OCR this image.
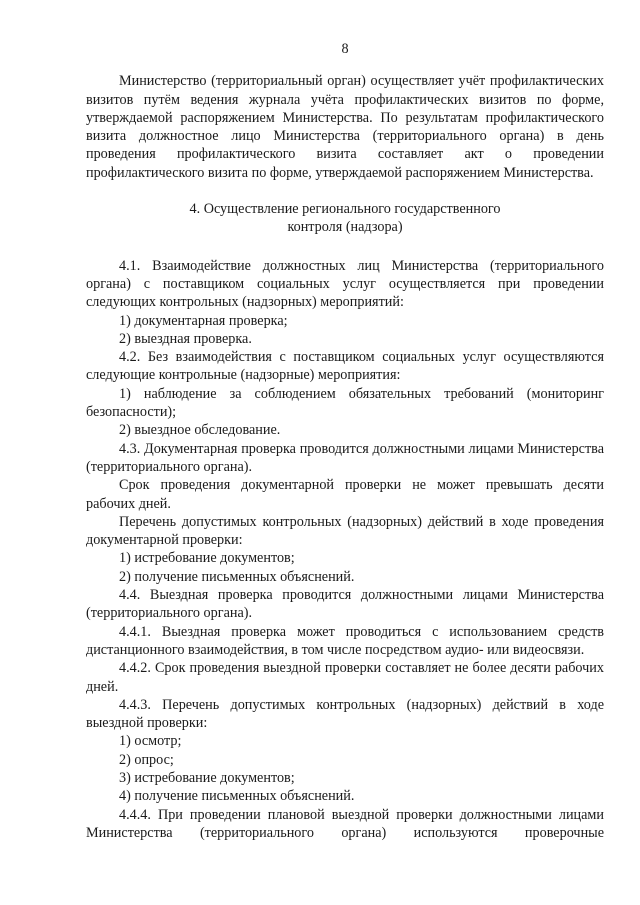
8

Министерство (территориальный орган) осуществляет учёт профилактических визитов путём ведения журнала учёта профилактических визитов по форме, утверждаемой распоряжением Министерства. По результатам профилактического визита должностное лицо Министерства (территориального органа) в день проведения профилактического визита составляет акт о проведении профилактического визита по форме, утверждаемой распоряжением Министерства.

4. Осуществление регионального государственного
контроля (надзора)

4.1. Взаимодействие должностных лиц Министерства (территориального органа) с поставщиком социальных услуг осуществляется при проведении следующих контрольных (надзорных) мероприятий:

1) документарная проверка;

2) выездная проверка.

4.2. Без взаимодействия с поставщиком социальных услуг осуществляются следующие контрольные (надзорные) мероприятия:

1) наблюдение за соблюдением обязательных требований (мониторинг безопасности);

2) выездное обследование.

4.3. Документарная проверка проводится должностными лицами Министерства (территориального органа).

Срок проведения документарной проверки не может превышать десяти рабочих дней.

Перечень допустимых контрольных (надзорных) действий в ходе проведения документарной проверки:

1) истребование документов;

2) получение письменных объяснений.

4.4. Выездная проверка проводится должностными лицами Министерства (территориального органа).

4.4.1. Выездная проверка может проводиться с использованием средств дистанционного взаимодействия, в том числе посредством аудио- или видеосвязи.

4.4.2. Срок проведения выездной проверки составляет не более десяти рабочих дней.

4.4.3. Перечень допустимых контрольных (надзорных) действий в ходе выездной проверки:

1) осмотр;

2) опрос;

3) истребование документов;

4) получение письменных объяснений.

4.4.4. При проведении плановой выездной проверки должностными лицами Министерства (территориального органа) используются проверочные
